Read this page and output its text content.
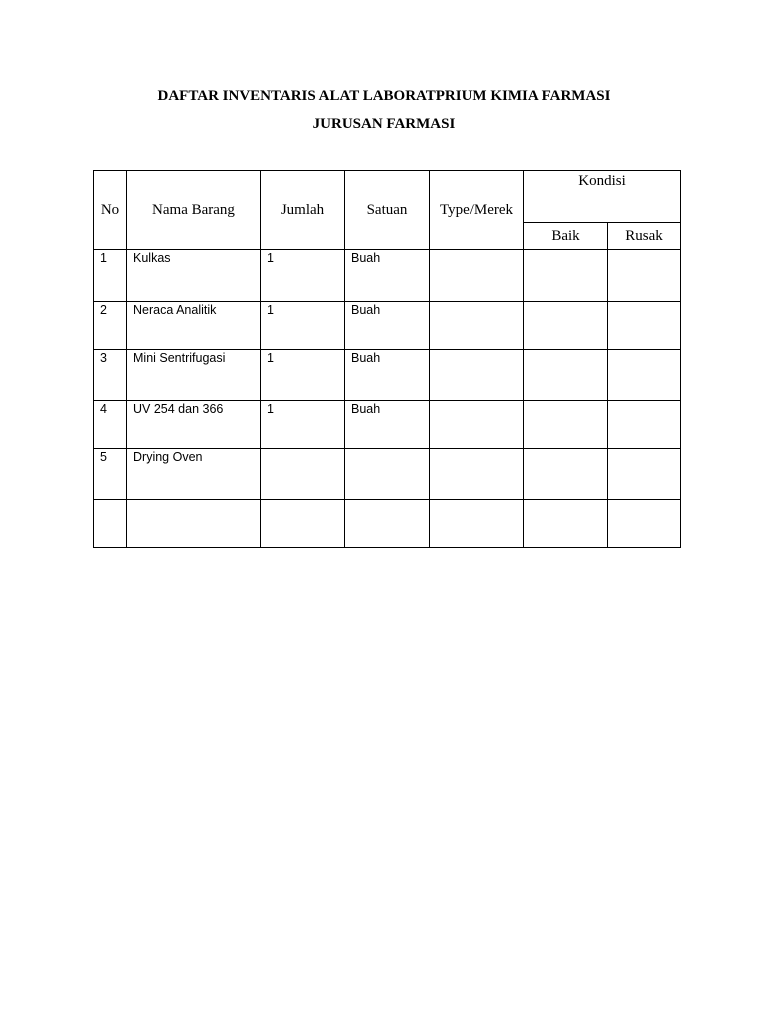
DAFTAR INVENTARIS ALAT LABORATPRIUM KIMIA FARMASI

JURUSAN FARMASI

No	Nama Barang	Jumlah	Satuan	Type/Merek	Kondisi	
					Baik	Rusak
1	Kulkas	1	Buah			
2	Neraca Analitik	1	Buah			
3	Mini Sentrifugasi	1	Buah			
4	UV 254 dan 366	1	Buah			
5	Drying Oven					
